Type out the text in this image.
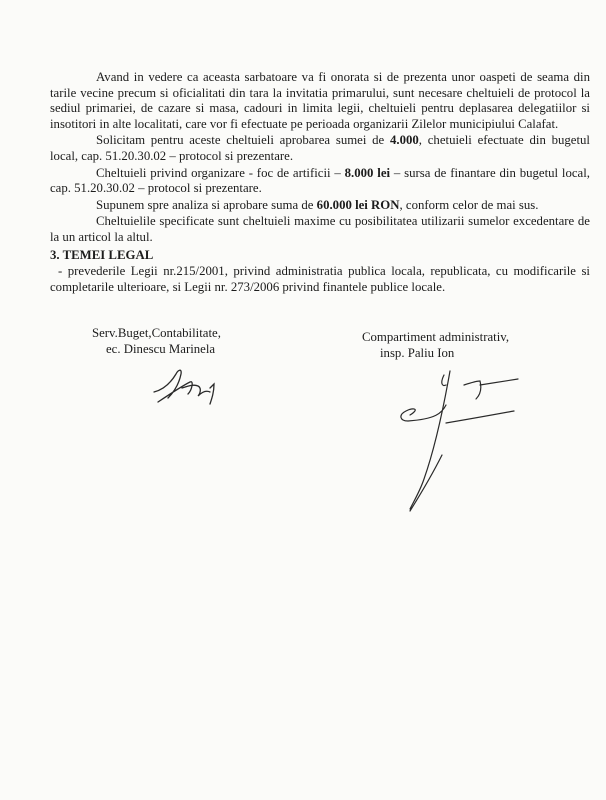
Avand in vedere ca aceasta sarbatoare va fi onorata si de prezenta unor oaspeti de seama din tarile vecine precum si oficialitati din tara la invitatia primarului, sunt necesare cheltuieli de protocol la sediul primariei, de cazare si masa, cadouri in limita legii, cheltuieli pentru deplasarea delegatiilor si insotitori in alte localitati, care vor fi efectuate pe perioada organizarii Zilelor municipiului Calafat.

Solicitam pentru aceste cheltuieli aprobarea sumei de 4.000, chetuieli efectuate din bugetul local, cap. 51.20.30.02 – protocol si prezentare.

Cheltuieli privind organizare - foc de artificii – 8.000 lei – sursa de finantare din bugetul local, cap. 51.20.30.02 – protocol si prezentare.

Supunem spre analiza si aprobare suma de 60.000 lei RON, conform celor de mai sus.

Cheltuielile specificate sunt cheltuieli maxime cu posibilitatea utilizarii sumelor excedentare de la un articol la altul.

3. TEMEI LEGAL

- prevederile Legii nr.215/2001, privind administratia publica locala, republicata, cu modificarile si completarile ulterioare, si Legii nr. 273/2006 privind finantele publice locale.

Serv.Buget,Contabilitate,
ec. Dinescu Marinela
Compartiment administrativ,
insp. Paliu Ion
